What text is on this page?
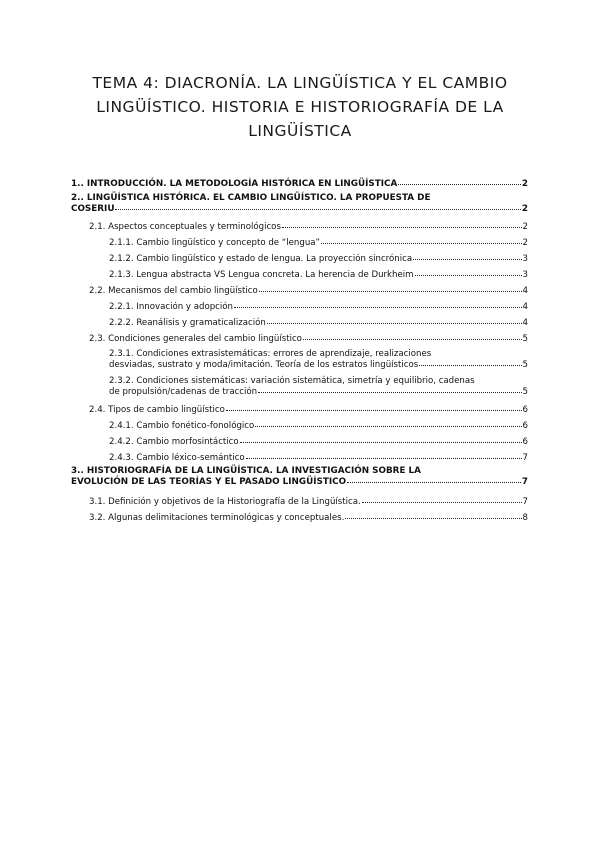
TEMA 4: DIACRONÍA. LA LINGÜÍSTICA Y EL CAMBIO LINGÜÍSTICO. HISTORIA E HISTORIOGRAFÍA DE LA LINGÜÍSTICA
1.. INTRODUCCIÓN. LA METODOLOGÍA HISTÓRICA EN LINGÜÍSTICA	2
2.. LINGÜÍSTICA HISTÓRICA. EL CAMBIO LINGÜÍSTICO. LA PROPUESTA DE
COSERIU	2
2.1. Aspectos conceptuales y terminológicos	2
2.1.1. Cambio lingüístico y concepto de “lengua”	2
2.1.2. Cambio lingüístico y estado de lengua. La proyección sincrónica	3
2.1.3. Lengua abstracta VS Lengua concreta. La herencia de Durkheim	3
2.2. Mecanismos del cambio lingüístico	4
2.2.1. Innovación y adopción	4
2.2.2. Reanálisis y gramaticalización	4
2.3. Condiciones generales del cambio lingüístico	5
2.3.1. Condiciones extrasistemáticas: errores de aprendizaje, realizaciones
desviadas, sustrato y moda/imitación. Teoría de los estratos lingüísticos	5
2.3.2. Condiciones sistemáticas: variación sistemática, simetría y equilibrio, cadenas
de propulsión/cadenas de tracción	5
2.4. Tipos de cambio lingüístico	6
2.4.1. Cambio fonético-fonológico	6
2.4.2. Cambio morfosintáctico	6
2.4.3. Cambio léxico-semántico	7
3.. HISTORIOGRAFÍA DE LA LINGÜÍSTICA. LA INVESTIGACIÓN SOBRE LA
EVOLUCIÓN DE LAS TEORÍAS Y EL PASADO LINGÜÍSTICO	7
3.1. Definición y objetivos de la Historiografía de la Lingüística.	7
3.2. Algunas delimitaciones terminológicas y conceptuales.	8
